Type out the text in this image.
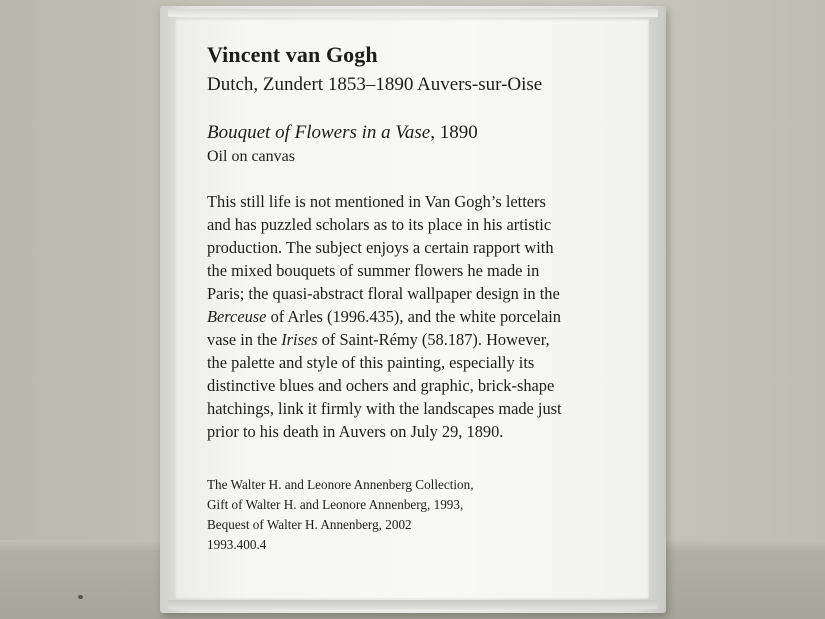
Vincent van Gogh
Dutch, Zundert 1853–1890 Auvers-sur-Oise
Bouquet of Flowers in a Vase, 1890
Oil on canvas
This still life is not mentioned in Van Gogh’s letters
and has puzzled scholars as to its place in his artistic
production. The subject enjoys a certain rapport with
the mixed bouquets of summer flowers he made in
Paris; the quasi-abstract floral wallpaper design in the
Berceuse of Arles (1996.435), and the white porcelain
vase in the Irises of Saint-Rémy (58.187). However,
the palette and style of this painting, especially its
distinctive blues and ochers and graphic, brick-shape
hatchings, link it firmly with the landscapes made just
prior to his death in Auvers on July 29, 1890.
The Walter H. and Leonore Annenberg Collection,
Gift of Walter H. and Leonore Annenberg, 1993,
Bequest of Walter H. Annenberg, 2002
1993.400.4
